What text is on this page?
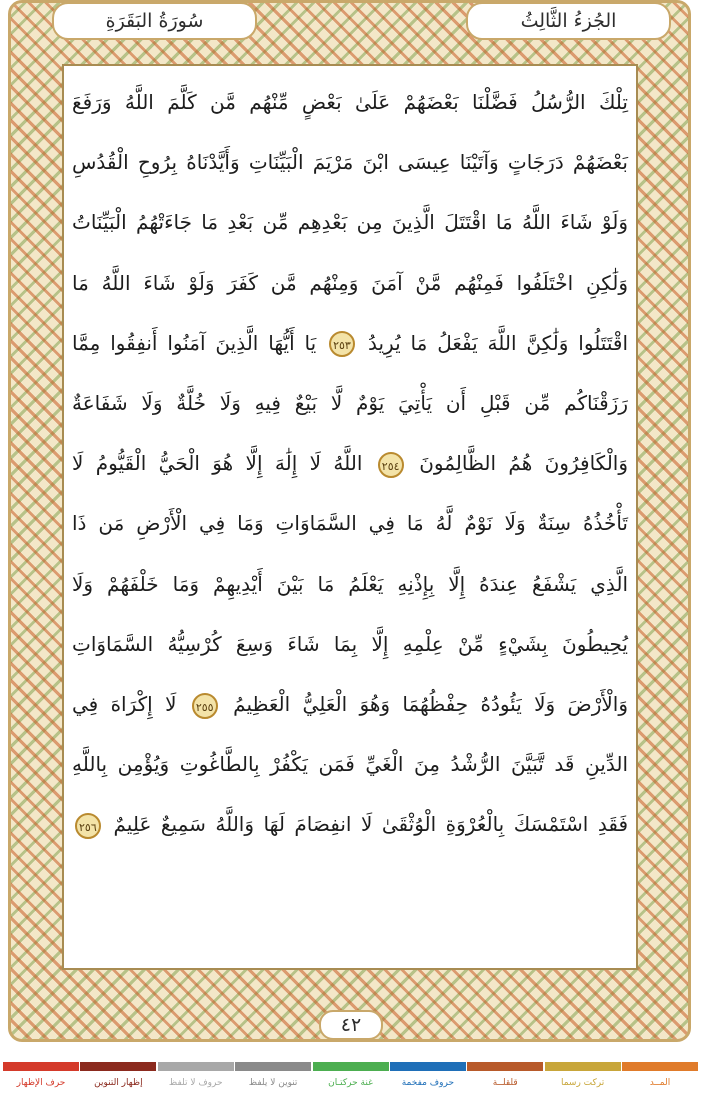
الجُزءُ الثَّالِثُ
سُورَةُ البَقَرَةِ
تِلْكَ الرُّسُلُ فَضَّلْنَا بَعْضَهُمْ عَلَىٰ بَعْضٍ مِّنْهُم مَّن كَلَّمَ اللَّهُ وَرَفَعَ بَعْضَهُمْ دَرَجَاتٍ وَآتَيْنَا عِيسَى ابْنَ مَرْيَمَ الْبَيِّنَاتِ وَأَيَّدْنَاهُ بِرُوحِ الْقُدُسِ وَلَوْ شَاءَ اللَّهُ مَا اقْتَتَلَ الَّذِينَ مِن بَعْدِهِم مِّن بَعْدِ مَا جَاءَتْهُمُ الْبَيِّنَاتُ وَلَٰكِنِ اخْتَلَفُوا فَمِنْهُم مَّنْ آمَنَ وَمِنْهُم مَّن كَفَرَ وَلَوْ شَاءَ اللَّهُ مَا اقْتَتَلُوا وَلَٰكِنَّ اللَّهَ يَفْعَلُ مَا يُرِيدُ ٢٥٣ يَا أَيُّهَا الَّذِينَ آمَنُوا أَنفِقُوا مِمَّا رَزَقْنَاكُم مِّن قَبْلِ أَن يَأْتِيَ يَوْمٌ لَّا بَيْعٌ فِيهِ وَلَا خُلَّةٌ وَلَا شَفَاعَةٌ وَالْكَافِرُونَ هُمُ الظَّالِمُونَ ٢٥٤ اللَّهُ لَا إِلَٰهَ إِلَّا هُوَ الْحَيُّ الْقَيُّومُ لَا تَأْخُذُهُ سِنَةٌ وَلَا نَوْمٌ لَّهُ مَا فِي السَّمَاوَاتِ وَمَا فِي الْأَرْضِ مَن ذَا الَّذِي يَشْفَعُ عِندَهُ إِلَّا بِإِذْنِهِ يَعْلَمُ مَا بَيْنَ أَيْدِيهِمْ وَمَا خَلْفَهُمْ وَلَا يُحِيطُونَ بِشَيْءٍ مِّنْ عِلْمِهِ إِلَّا بِمَا شَاءَ وَسِعَ كُرْسِيُّهُ السَّمَاوَاتِ وَالْأَرْضَ وَلَا يَئُودُهُ حِفْظُهُمَا وَهُوَ الْعَلِيُّ الْعَظِيمُ ٢٥٥ لَا إِكْرَاهَ فِي الدِّينِ قَد تَّبَيَّنَ الرُّشْدُ مِنَ الْغَيِّ فَمَن يَكْفُرْ بِالطَّاغُوتِ وَيُؤْمِن بِاللَّهِ فَقَدِ اسْتَمْسَكَ بِالْعُرْوَةِ الْوُثْقَىٰ لَا انفِصَامَ لَهَا وَاللَّهُ سَمِيعٌ عَلِيمٌ ٢٥٦
٤٢
المــد
تركت رسما
قلقلــة
حروف مفخمة
غنة حركتـان
تنوين لا يلفظ
حروف لا تلفظ
إظهار التنوين
حرف الإظهار
